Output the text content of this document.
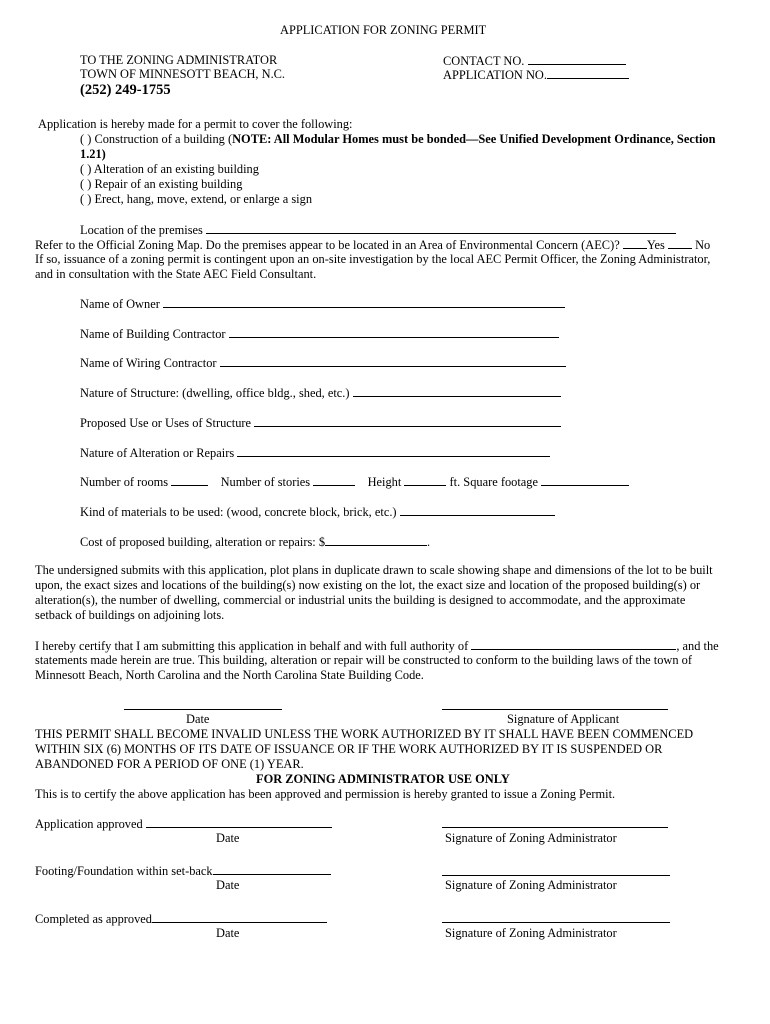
APPLICATION FOR ZONING PERMIT
TO THE ZONING ADMINISTRATOR
TOWN OF MINNESOTT BEACH, N.C.
(252) 249-1755
CONTACT NO.
APPLICATION NO.
Application is hereby made for a permit to cover the following:
( ) Construction of a building (NOTE: All Modular Homes must be bonded—See Unified Development Ordinance, Section
1.21)
( ) Alteration of an existing building
( ) Repair of an existing building
( ) Erect, hang, move, extend, or enlarge a sign
Location of the premises
Refer to the Official Zoning Map. Do the premises appear to be located in an Area of Environmental Concern (AEC)? Yes No
If so, issuance of a zoning permit is contingent upon an on-site investigation by the local AEC Permit Officer, the Zoning Administrator,
and in consultation with the State AEC Field Consultant.
Name of Owner
Name of Building Contractor
Name of Wiring Contractor
Nature of Structure: (dwelling, office bldg., shed, etc.)
Proposed Use or Uses of Structure
Nature of Alteration or Repairs
Number of rooms	Number of stories	Height	ft. Square footage
Kind of materials to be used: (wood, concrete block, brick, etc.)
Cost of proposed building, alteration or repairs: $	.
The undersigned submits with this application, plot plans in duplicate drawn to scale showing shape and dimensions of the lot to be built
upon, the exact sizes and locations of the building(s) now existing on the lot, the exact size and location of the proposed building(s) or
alteration(s), the number of dwelling, commercial or industrial units the building is designed to accommodate, and the approximate
setback of buildings on adjoining lots.
I hereby certify that I am submitting this application in behalf and with full authority of	, and the
statements made herein are true. This building, alteration or repair will be constructed to conform to the building laws of the town of
Minnesott Beach, North Carolina and the North Carolina State Building Code.
Date	Signature of Applicant
THIS PERMIT SHALL BECOME INVALID UNLESS THE WORK AUTHORIZED BY IT SHALL HAVE BEEN COMMENCED
WITHIN SIX (6) MONTHS OF ITS DATE OF ISSUANCE OR IF THE WORK AUTHORIZED BY IT IS SUSPENDED OR
ABANDONED FOR A PERIOD OF ONE (1) YEAR.
FOR ZONING ADMINISTRATOR USE ONLY
This is to certify the above application has been approved and permission is hereby granted to issue a Zoning Permit.
Application approved
Date	Signature of Zoning Administrator
Footing/Foundation within set-back
Date	Signature of Zoning Administrator
Completed as approved
Date	Signature of Zoning Administrator
